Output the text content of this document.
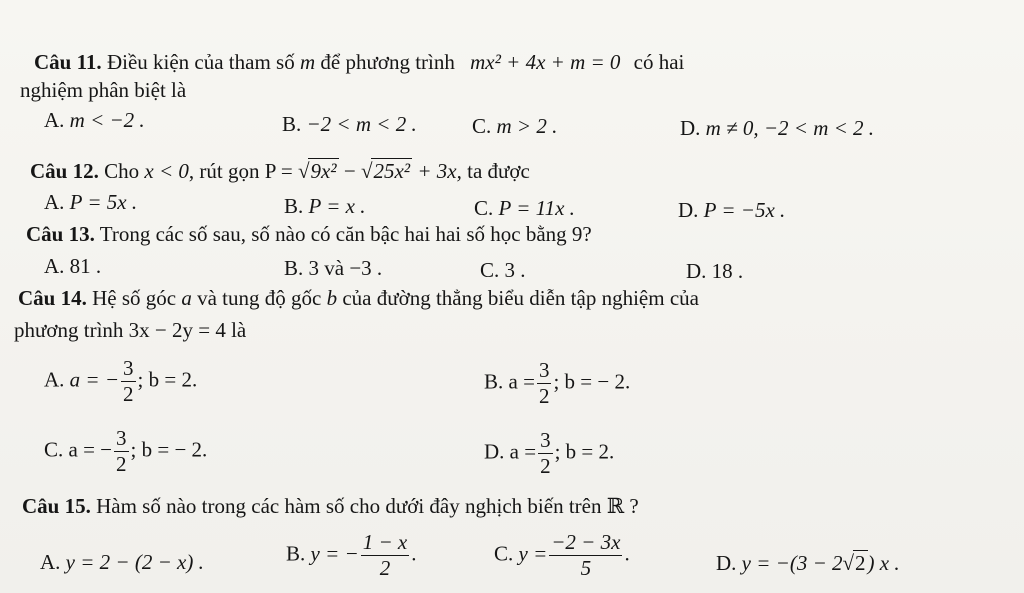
Câu 11. Điều kiện của tham số m để phương trình mx² + 4x + m = 0 có hai
nghiệm phân biệt là
A. m < −2 .	B. −2 < m < 2 .	C. m > 2 .	D. m ≠ 0, −2 < m < 2 .
Câu 12. Cho x < 0, rút gọn P = √9x² − √25x² + 3x, ta được
A. P = 5x .	B. P = x .	C. P = 11x .	D. P = −5x .
Câu 13. Trong các số sau, số nào có căn bậc hai hai số học bằng 9?
A. 81 .	B. 3 và −3 .	C. 3 .	D. 18 .
Câu 14. Hệ số góc a và tung độ gốc b của đường thẳng biểu diễn tập nghiệm của
phương trình 3x − 2y = 4 là
A. a = − $\frac{3}{2}$ ; b = 2.	B. $a = \frac{3}{2}$ ; b = − 2.
C. a = − $\frac{3}{2}$ ; b = − 2.	D. $a = \frac{3}{2}$ ; b = 2.
Câu 15. Hàm số nào trong các hàm số cho dưới đây nghịch biến trên ℝ ?
A. y = 2 − (2 − x) .	B. y = − $\frac{1 - x}{2}$ .	C. $y = \frac{-2 - 3x}{5}$ .	D. y = −(3 − 2√2) x .
